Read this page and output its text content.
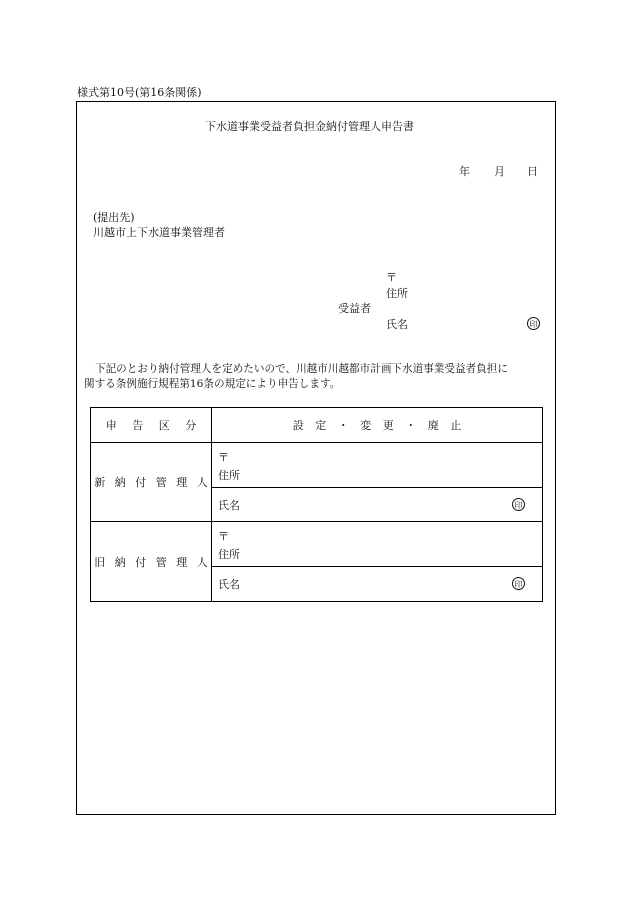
様式第10号(第16条関係)
下水道事業受益者負担金納付管理人申告書
年 月 日
(提出先)
川越市上下水道事業管理者
〒
住所
受益者
氏名	印
下記のとおり納付管理人を定めたいので、川越市川越都市計画下水道事業受益者負担に
関する条例施行規程第16条の規定により申告します。
申 告 区 分	設 定 ・ 変 更 ・ 廃 止
新 納 付 管 理 人	〒
住所

	氏名 印

旧 納 付 管 理 人	〒
住所

	氏名 印
